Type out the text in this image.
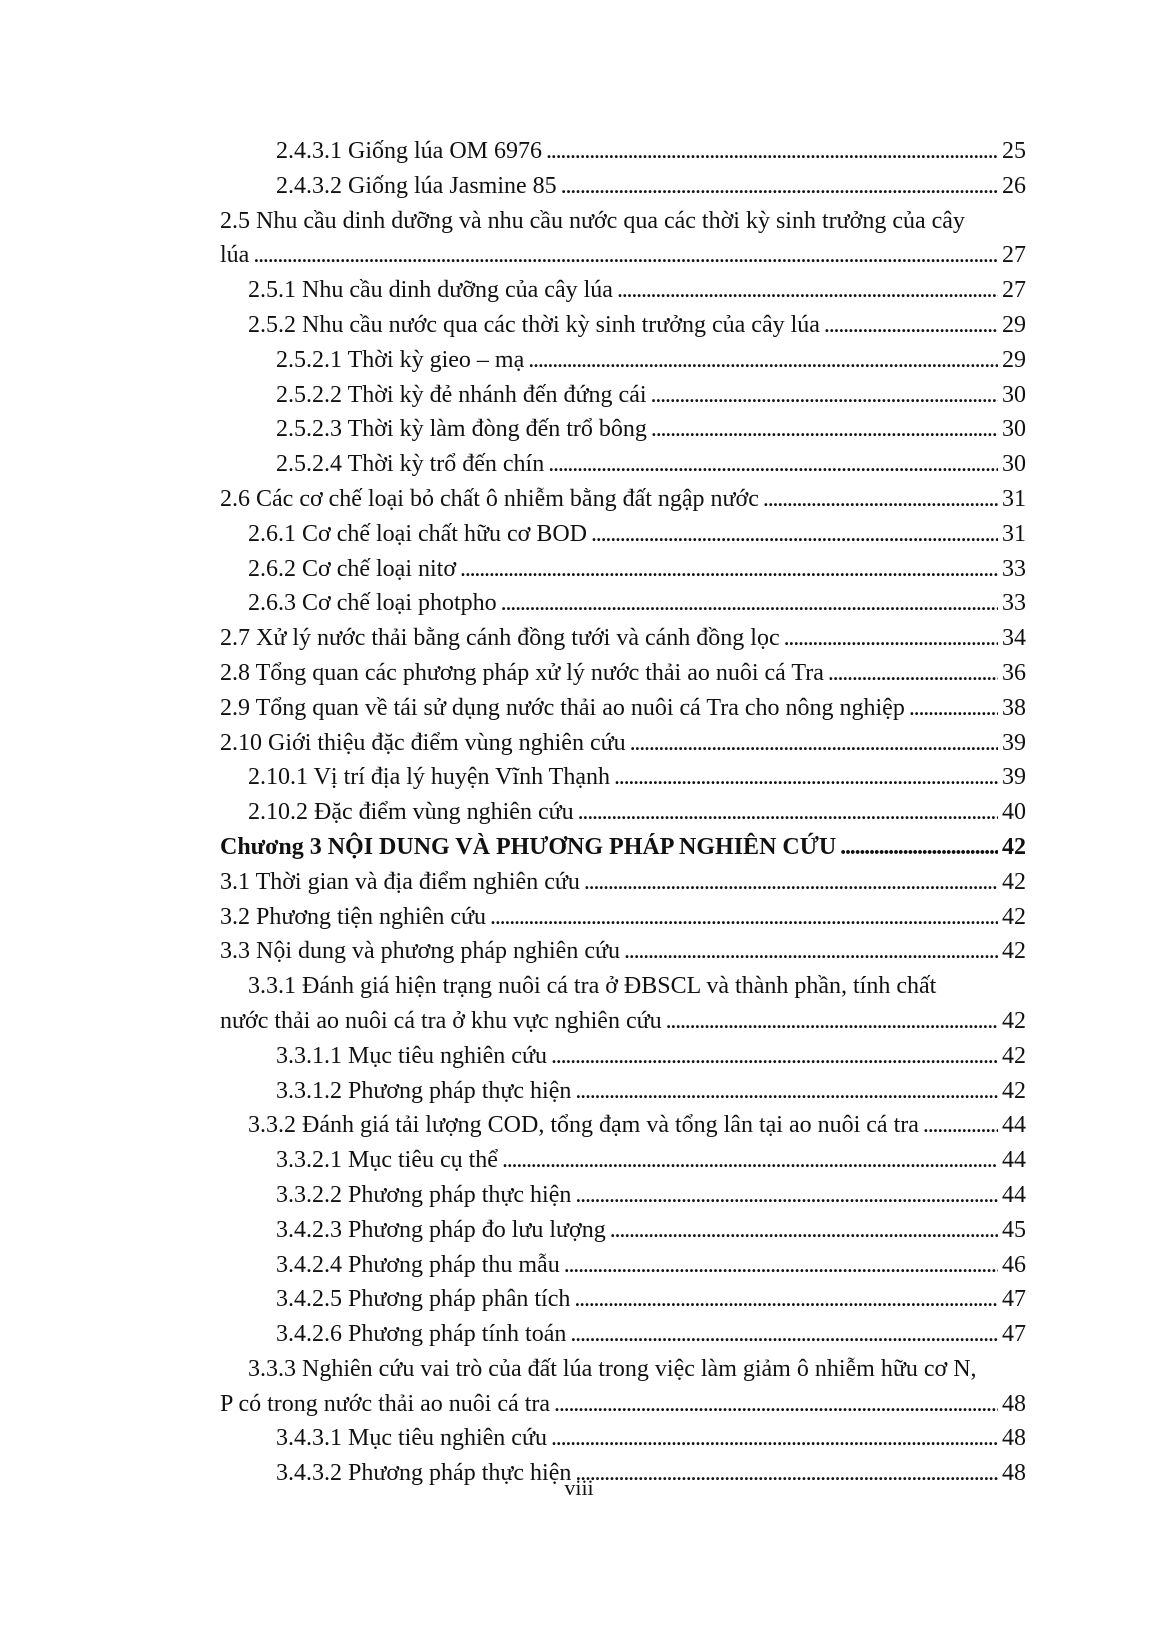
2.4.3.1 Giống lúa OM 6976 . . .	25
2.4.3.2 Giống lúa Jasmine 85 . . .	26
2.5 Nhu cầu dinh dưỡng và nhu cầu nước qua các thời kỳ sinh trưởng của cây
lúa . . .	27
2.5.1 Nhu cầu dinh dưỡng của cây lúa . . .	27
2.5.2 Nhu cầu nước qua các thời kỳ sinh trưởng của cây lúa . . .	29
2.5.2.1 Thời kỳ gieo – mạ . . .	29
2.5.2.2 Thời kỳ đẻ nhánh đến đứng cái . . .	30
2.5.2.3 Thời kỳ làm đòng đến trổ bông . . .	30
2.5.2.4 Thời kỳ trổ đến chín . . .	30
2.6 Các cơ chế loại bỏ chất ô nhiễm bằng đất ngập nước . . .	31
2.6.1 Cơ chế loại chất hữu cơ BOD . . .	31
2.6.2 Cơ chế loại nitơ . . .	33
2.6.3 Cơ chế loại photpho . . .	33
2.7 Xử lý nước thải bằng cánh đồng tưới và cánh đồng lọc . . .	34
2.8 Tổng quan các phương pháp xử lý nước thải ao nuôi cá Tra . . .	36
2.9 Tổng quan về tái sử dụng nước thải ao nuôi cá Tra cho nông nghiệp . . .	38
2.10 Giới thiệu đặc điểm vùng nghiên cứu . . .	39
2.10.1 Vị trí địa lý huyện Vĩnh Thạnh . . .	39
2.10.2 Đặc điểm vùng nghiên cứu . . .	40
Chương 3 NỘI DUNG VÀ PHƯƠNG PHÁP NGHIÊN CỨU . . .	42
3.1 Thời gian và địa điểm nghiên cứu . . .	42
3.2 Phương tiện nghiên cứu . . .	42
3.3 Nội dung và phương pháp nghiên cứu . . .	42
3.3.1 Đánh giá hiện trạng nuôi cá tra ở ĐBSCL và thành phần, tính chất
nước thải ao nuôi cá tra ở khu vực nghiên cứu . . .	42
3.3.1.1 Mục tiêu nghiên cứu . . .	42
3.3.1.2 Phương pháp thực hiện . . .	42
3.3.2 Đánh giá tải lượng COD, tổng đạm và tổng lân tại ao nuôi cá tra . . .	44
3.3.2.1 Mục tiêu cụ thể . . .	44
3.3.2.2 Phương pháp thực hiện . . .	44
3.4.2.3 Phương pháp đo lưu lượng . . .	45
3.4.2.4 Phương pháp thu mẫu . . .	46
3.4.2.5 Phương pháp phân tích . . .	47
3.4.2.6 Phương pháp tính toán . . .	47
3.3.3 Nghiên cứu vai trò của đất lúa trong việc làm giảm ô nhiễm hữu cơ N,
P có trong nước thải ao nuôi cá tra . . .	48
3.4.3.1 Mục tiêu nghiên cứu . . .	48
3.4.3.2 Phương pháp thực hiện . . .	48
viii
